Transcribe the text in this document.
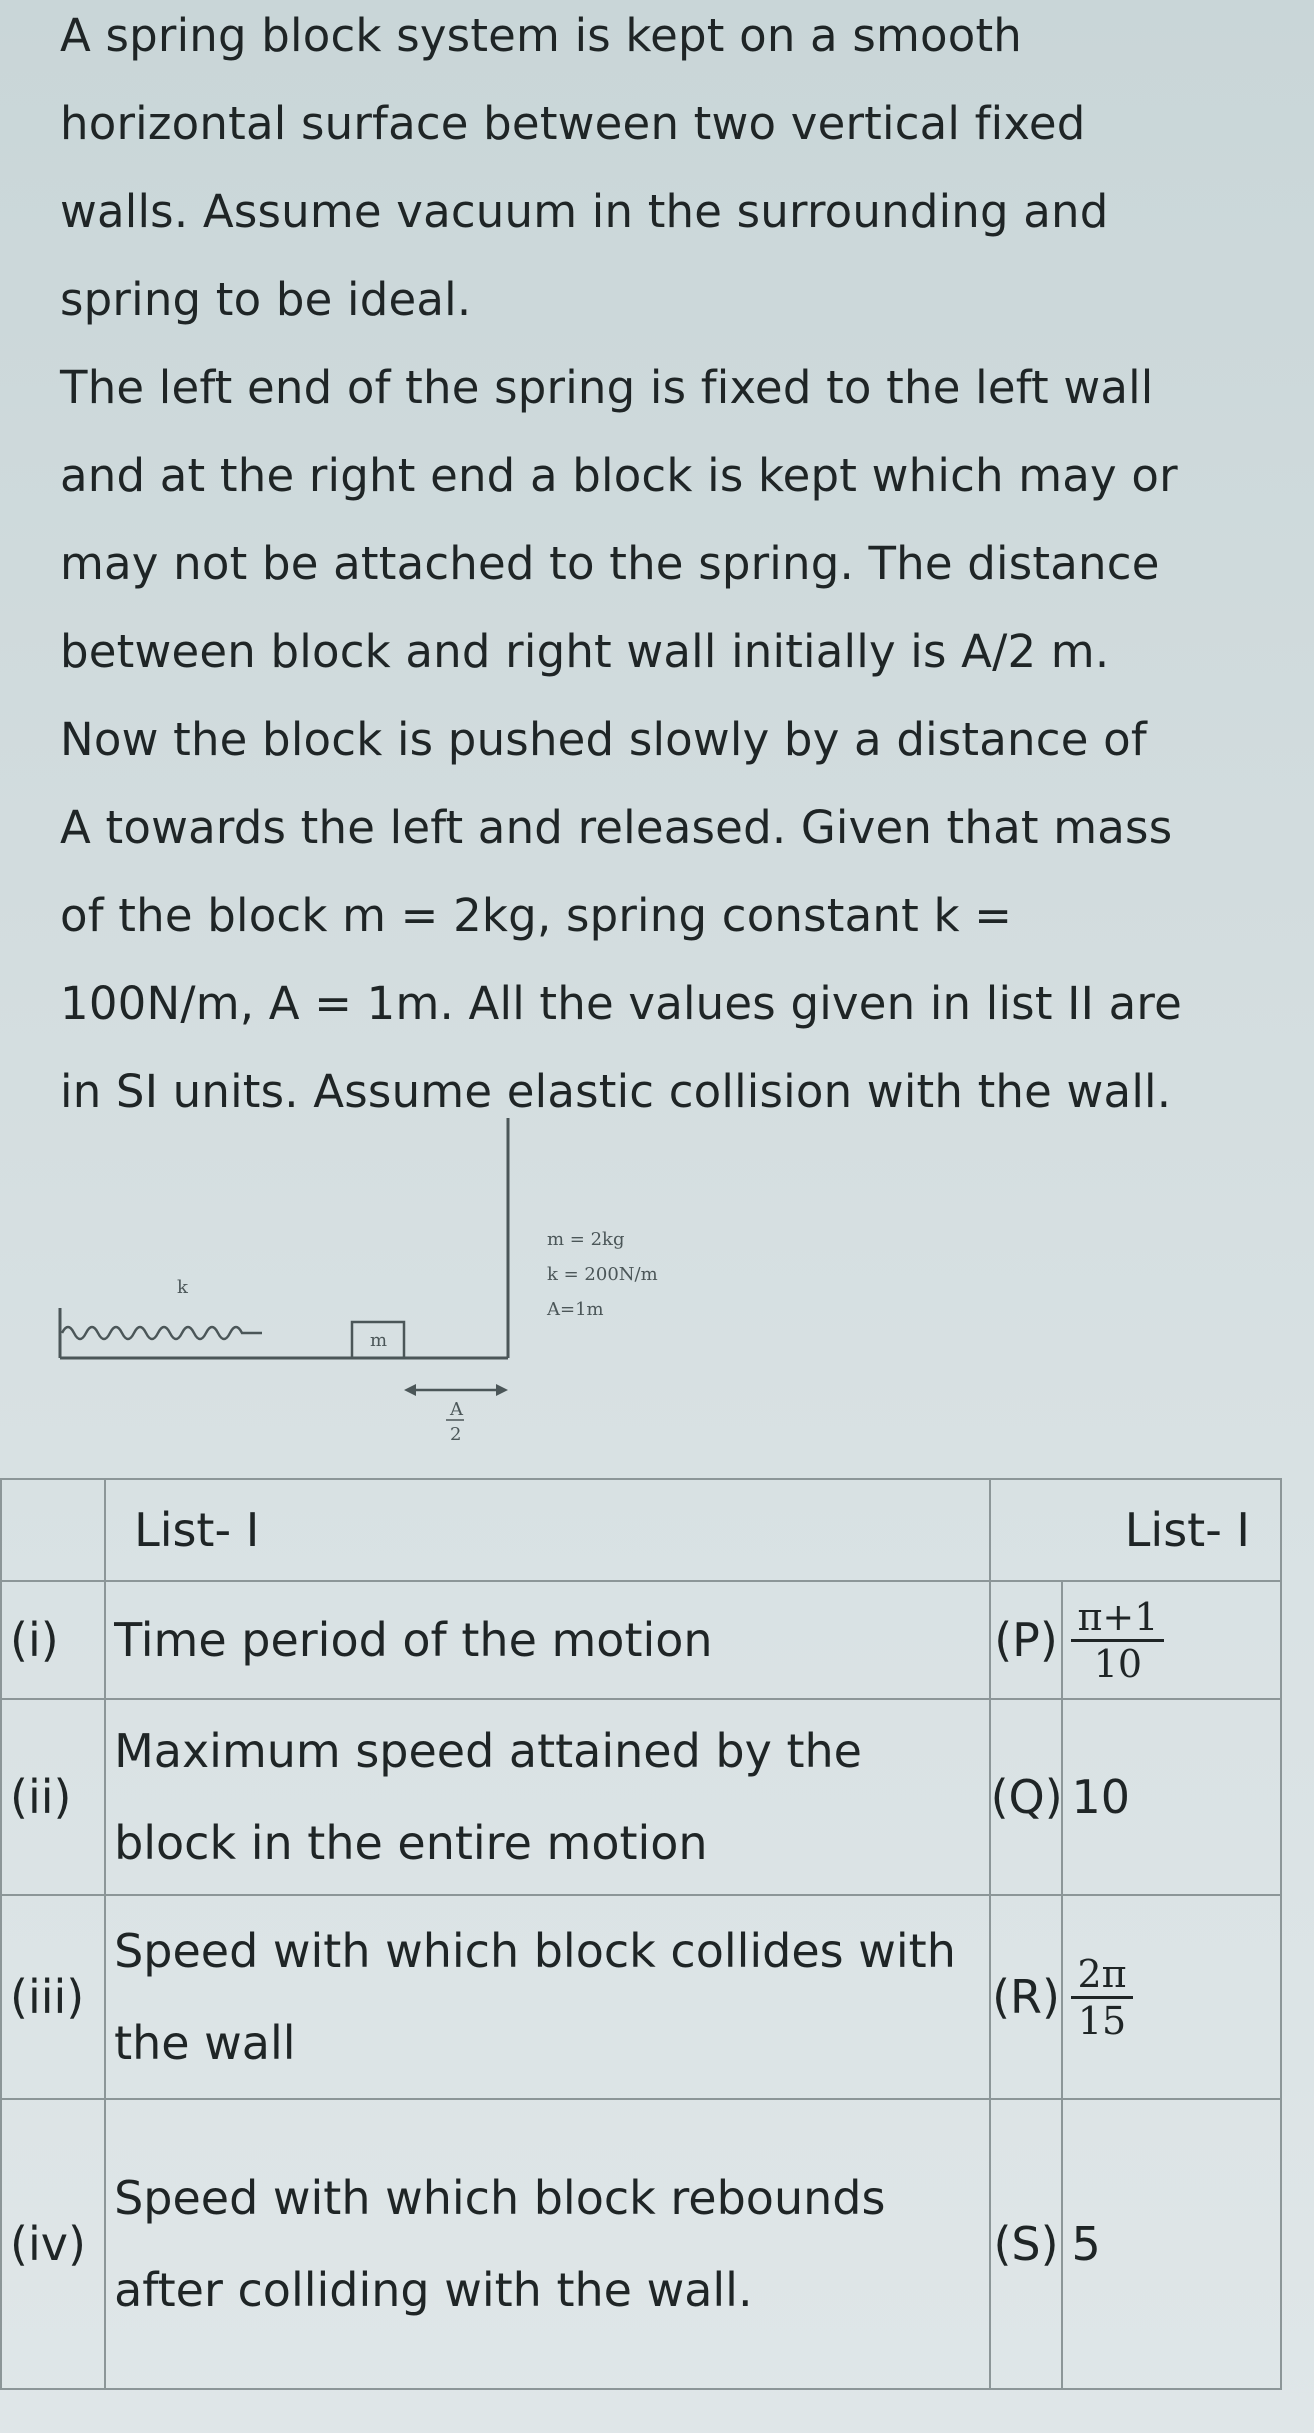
A spring block system is kept on a smooth

horizontal surface between two vertical fixed

walls. Assume vacuum in the surrounding and

spring to be ideal.

The left end of the spring is fixed to the left wall

and at the right end a block is kept which may or

may not be attached to the spring. The distance

between block and right wall initially is A/2 m.

Now the block is pushed slowly by a distance of

A towards the left and released. Given that mass

of the block m = 2kg, spring constant k =

100N/m, A = 1m. All the values given in list II are

in SI units. Assume elastic collision with the wall.

k
m
A
2
m = 2kg
k = 200N/m
A=1m
	List- I	List- I	
(i)	Time period of the motion	(P)	$\frac{\pi+1}{10}$

(ii)	Maximum speed attained by the block in the entire motion	(Q)	10
(iii)	Speed with which block collides with the wall	(R)	$\frac{2\pi}{15}$

(iv)	Speed with which block rebounds after colliding with the wall.	(S)	5
